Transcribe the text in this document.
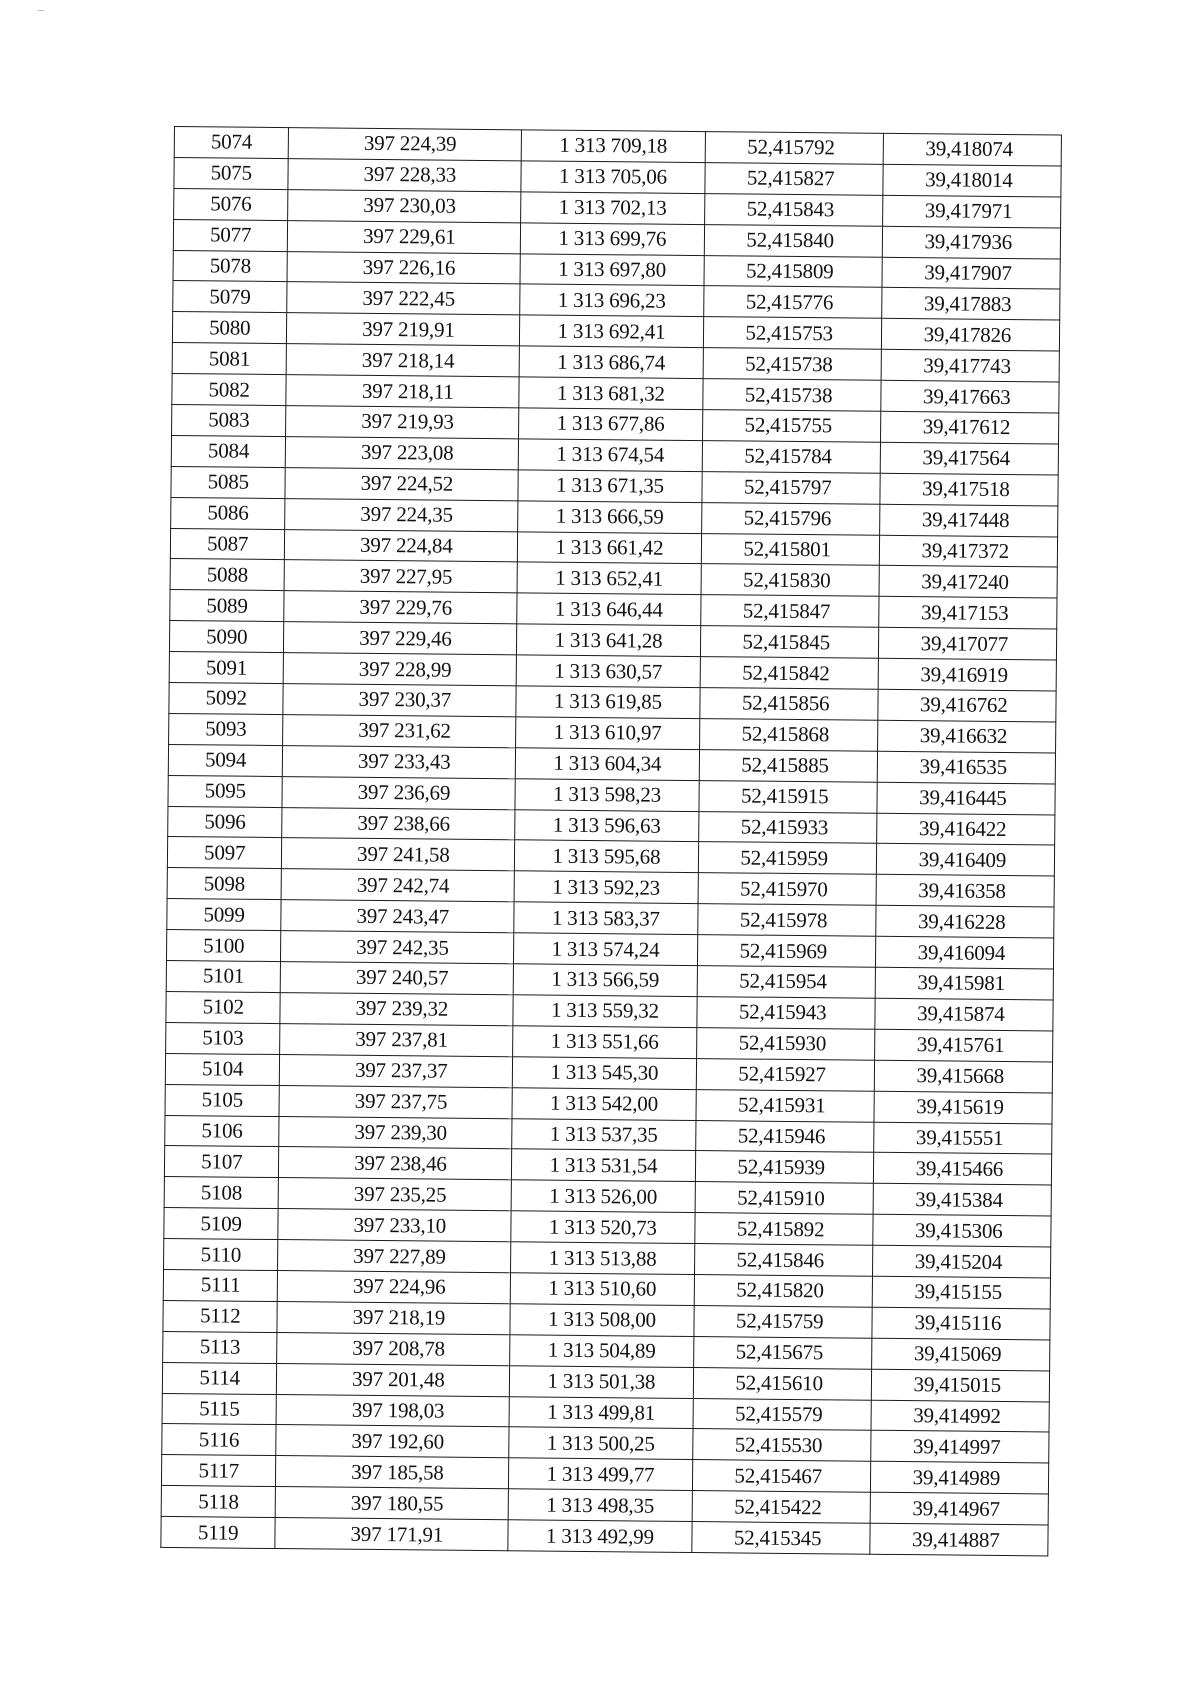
5074	397 224,39	1 313 709,18	52,415792	39,418074
5075	397 228,33	1 313 705,06	52,415827	39,418014
5076	397 230,03	1 313 702,13	52,415843	39,417971
5077	397 229,61	1 313 699,76	52,415840	39,417936
5078	397 226,16	1 313 697,80	52,415809	39,417907
5079	397 222,45	1 313 696,23	52,415776	39,417883
5080	397 219,91	1 313 692,41	52,415753	39,417826
5081	397 218,14	1 313 686,74	52,415738	39,417743
5082	397 218,11	1 313 681,32	52,415738	39,417663
5083	397 219,93	1 313 677,86	52,415755	39,417612
5084	397 223,08	1 313 674,54	52,415784	39,417564
5085	397 224,52	1 313 671,35	52,415797	39,417518
5086	397 224,35	1 313 666,59	52,415796	39,417448
5087	397 224,84	1 313 661,42	52,415801	39,417372
5088	397 227,95	1 313 652,41	52,415830	39,417240
5089	397 229,76	1 313 646,44	52,415847	39,417153
5090	397 229,46	1 313 641,28	52,415845	39,417077
5091	397 228,99	1 313 630,57	52,415842	39,416919
5092	397 230,37	1 313 619,85	52,415856	39,416762
5093	397 231,62	1 313 610,97	52,415868	39,416632
5094	397 233,43	1 313 604,34	52,415885	39,416535
5095	397 236,69	1 313 598,23	52,415915	39,416445
5096	397 238,66	1 313 596,63	52,415933	39,416422
5097	397 241,58	1 313 595,68	52,415959	39,416409
5098	397 242,74	1 313 592,23	52,415970	39,416358
5099	397 243,47	1 313 583,37	52,415978	39,416228
5100	397 242,35	1 313 574,24	52,415969	39,416094
5101	397 240,57	1 313 566,59	52,415954	39,415981
5102	397 239,32	1 313 559,32	52,415943	39,415874
5103	397 237,81	1 313 551,66	52,415930	39,415761
5104	397 237,37	1 313 545,30	52,415927	39,415668
5105	397 237,75	1 313 542,00	52,415931	39,415619
5106	397 239,30	1 313 537,35	52,415946	39,415551
5107	397 238,46	1 313 531,54	52,415939	39,415466
5108	397 235,25	1 313 526,00	52,415910	39,415384
5109	397 233,10	1 313 520,73	52,415892	39,415306
5110	397 227,89	1 313 513,88	52,415846	39,415204
5111	397 224,96	1 313 510,60	52,415820	39,415155
5112	397 218,19	1 313 508,00	52,415759	39,415116
5113	397 208,78	1 313 504,89	52,415675	39,415069
5114	397 201,48	1 313 501,38	52,415610	39,415015
5115	397 198,03	1 313 499,81	52,415579	39,414992
5116	397 192,60	1 313 500,25	52,415530	39,414997
5117	397 185,58	1 313 499,77	52,415467	39,414989
5118	397 180,55	1 313 498,35	52,415422	39,414967
5119	397 171,91	1 313 492,99	52,415345	39,414887
